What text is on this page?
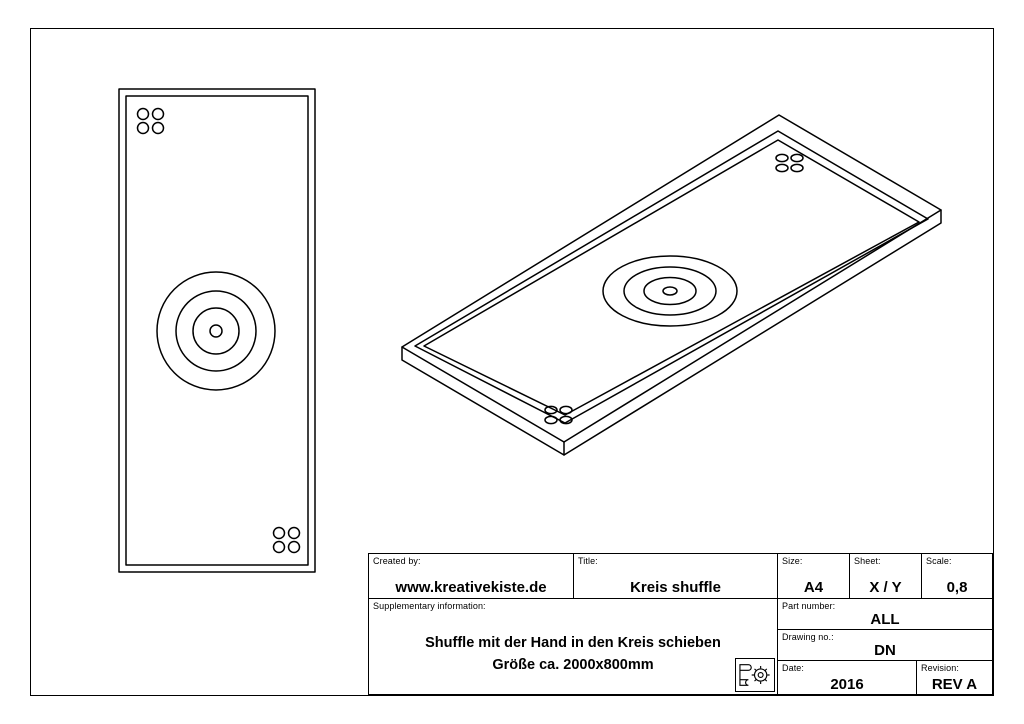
Created by:
www.kreativekiste.de
Title:
Kreis shuffle
Size:
A4
Sheet:
X / Y
Scale:
0,8
Supplementary information:
Shuffle mit der Hand in den Kreis schieben
Größe ca. 2000x800mm
Part number:
ALL
Drawing no.:
DN
Date:
2016
Revision:
REV A
